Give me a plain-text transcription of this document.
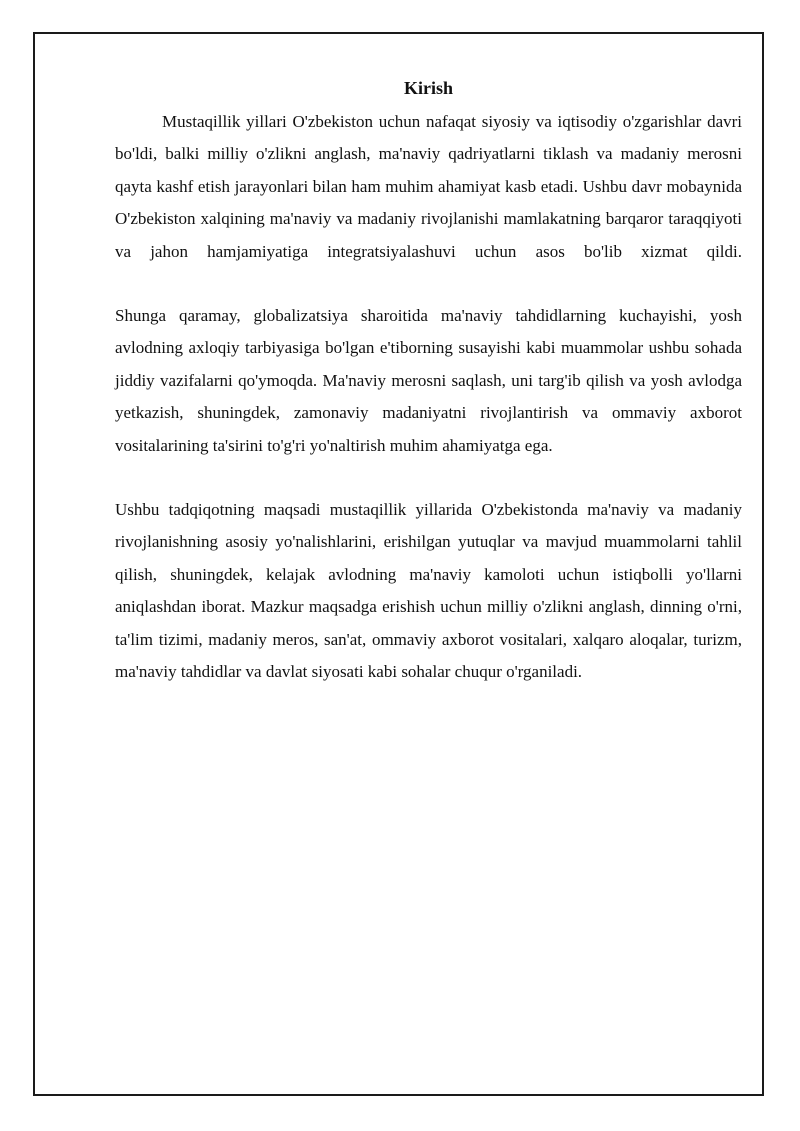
Kirish

Mustaqillik yillari O'zbekiston uchun nafaqat siyosiy va iqtisodiy o'zgarishlar davri bo'ldi, balki milliy o'zlikni anglash, ma'naviy qadriyatlarni tiklash va madaniy merosni qayta kashf etish jarayonlari bilan ham muhim ahamiyat kasb etadi. Ushbu davr mobaynida O'zbekiston xalqining ma'naviy va madaniy rivojlanishi mamlakatning barqaror taraqqiyoti va jahon hamjamiyatiga integratsiyalashuvi uchun asos bo'lib xizmat qildi.

Shunga qaramay, globalizatsiya sharoitida ma'naviy tahdidlarning kuchayishi, yosh avlodning axloqiy tarbiyasiga bo'lgan e'tiborning susayishi kabi muammolar ushbu sohada jiddiy vazifalarni qo'ymoqda. Ma'naviy merosni saqlash, uni targ'ib qilish va yosh avlodga yetkazish, shuningdek, zamonaviy madaniyatni rivojlantirish va ommaviy axborot vositalarining ta'sirini to'g'ri yo'naltirish muhim ahamiyatga ega.

Ushbu tadqiqotning maqsadi mustaqillik yillarida O'zbekistonda ma'naviy va madaniy rivojlanishning asosiy yo'nalishlarini, erishilgan yutuqlar va mavjud muammolarni tahlil qilish, shuningdek, kelajak avlodning ma'naviy kamoloti uchun istiqbolli yo'llarni aniqlashdan iborat. Mazkur maqsadga erishish uchun milliy o'zlikni anglash, dinning o'rni, ta'lim tizimi, madaniy meros, san'at, ommaviy axborot vositalari, xalqaro aloqalar, turizm, ma'naviy tahdidlar va davlat siyosati kabi sohalar chuqur o'rganiladi.
